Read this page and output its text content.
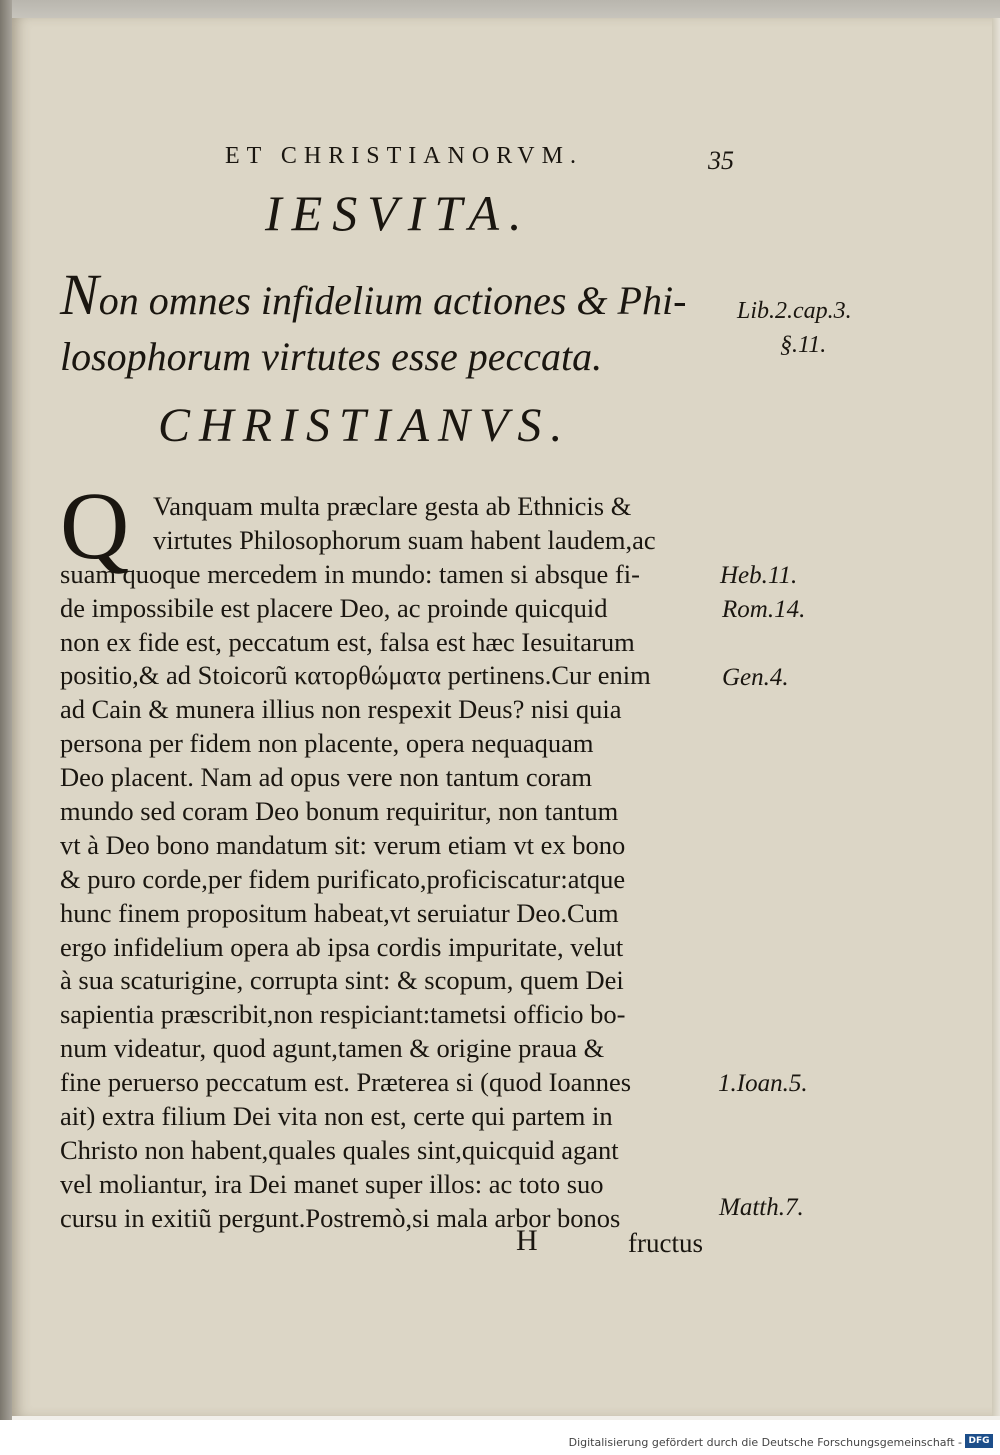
ET CHRISTIANORVM.	35
IESVITA.
Non omnes infidelium actiones & Phi-
losophorum virtutes esse peccata.
Lib.2.cap.3.
§.11.
CHRISTIANVS.
Q Vanquam multa præclare gesta ab Ethnicis &
virtutes Philosophorum suam habent laudem,ac
suam quoque mercedem in mundo: tamen si absque fi-
de impossibile est placere Deo, ac proinde quicquid
non ex fide est, peccatum est, falsa est hæc Iesuitarum
positio,& ad Stoicorũ κατορθώματα pertinens.Cur enim
ad Cain & munera illius non respexit Deus? nisi quia
persona per fidem non placente, opera nequaquam
Deo placent. Nam ad opus vere non tantum coram
mundo sed coram Deo bonum requiritur, non tantum
vt à Deo bono mandatum sit: verum etiam vt ex bono
& puro corde,per fidem purificato,proficiscatur:atque
hunc finem propositum habeat,vt seruiatur Deo.Cum
ergo infidelium opera ab ipsa cordis impuritate, velut
à sua scaturigine, corrupta sint: & scopum, quem Dei
sapientia præscribit,non respiciant:tametsi officio bo-
num videatur, quod agunt,tamen & origine praua &
fine peruerso peccatum est. Præterea si (quod Ioannes
ait) extra filium Dei vita non est, certe qui partem in
Christo non habent,quales quales sint,quicquid agant
vel moliantur, ira Dei manet super illos: ac toto suo
cursu in exitiũ pergunt.Postremò,si mala arbor bonos
Heb.11.
Rom.14.
Gen.4.
1.Ioan.5.
Matth.7.
H	fructus
Digitalisierung gefördert durch die Deutsche Forschungsgemeinschaft - DFG
